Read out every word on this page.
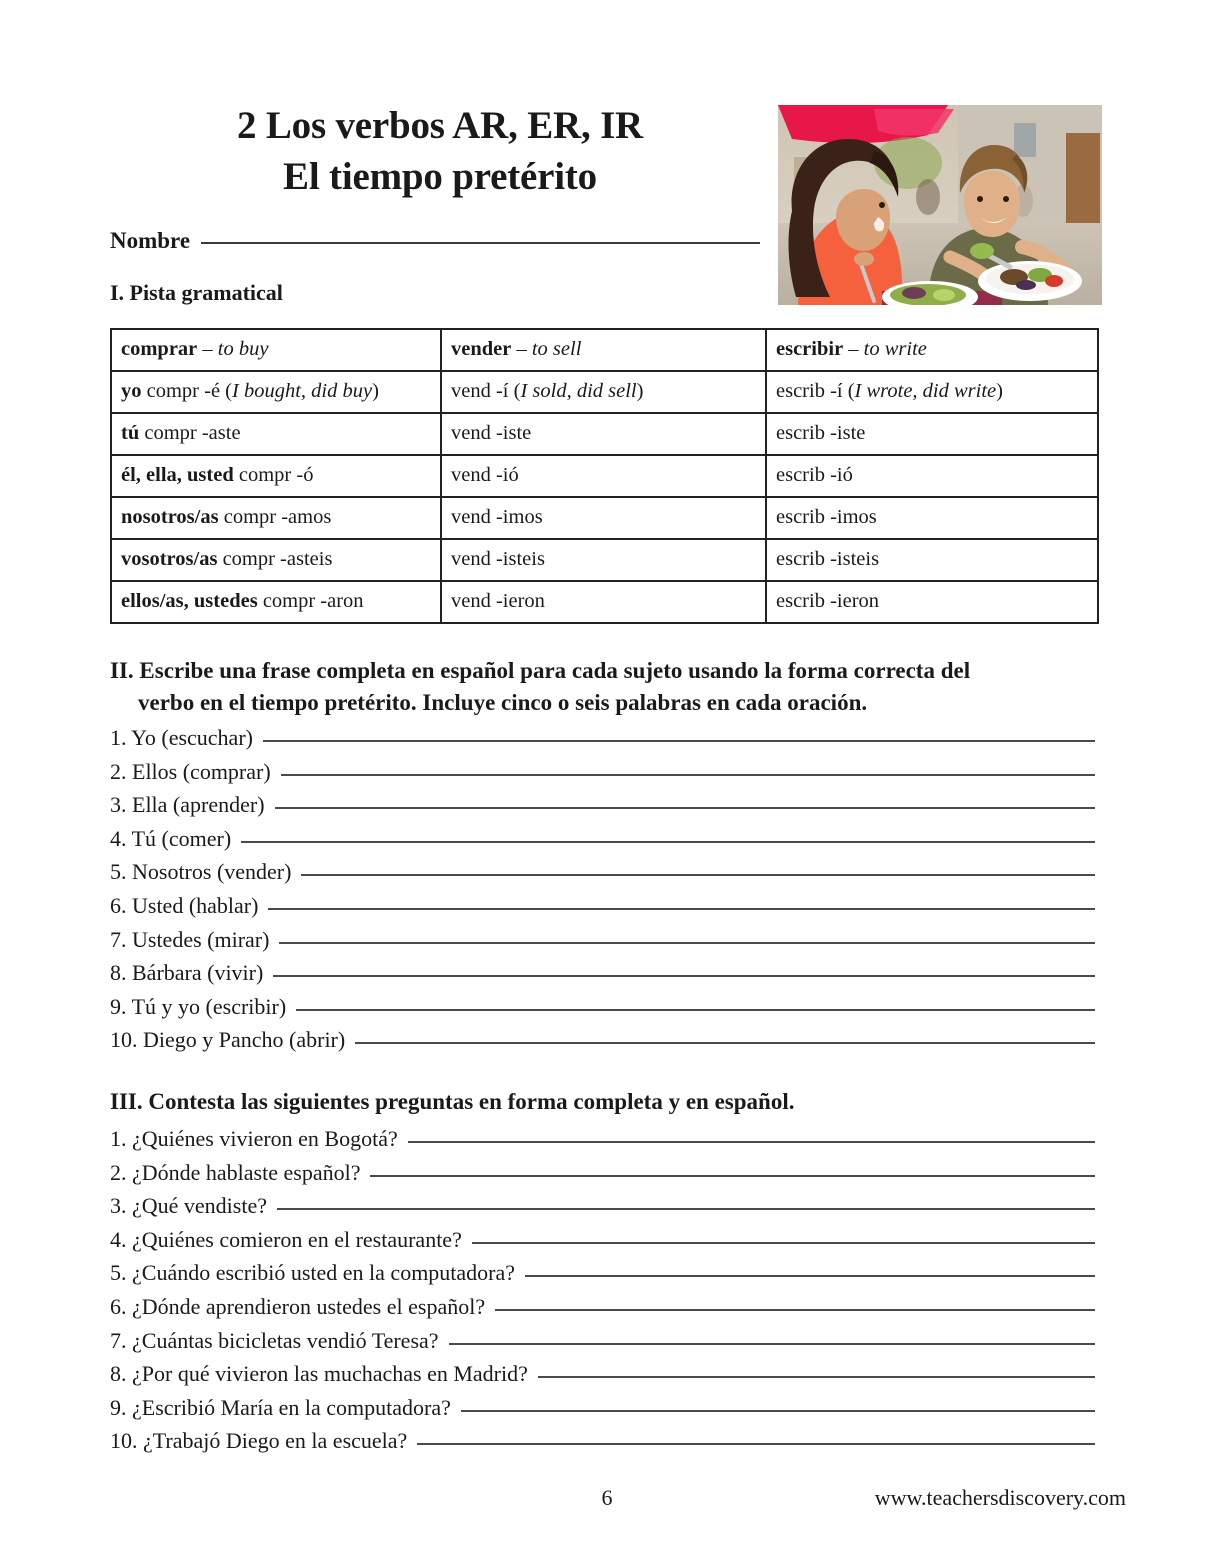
2 Los verbos AR, ER, IR
El tiempo pretérito
Nombre
I. Pista gramatical
comprar – to buy	vender – to sell	escribir – to write
yo compr -é (I bought, did buy)	vend -í (I sold, did sell)	escrib -í (I wrote, did write)
tú compr -aste	vend -iste	escrib -iste
él, ella, usted compr -ó	vend -ió	escrib -ió
nosotros/as compr -amos	vend -imos	escrib -imos
vosotros/as compr -asteis	vend -isteis	escrib -isteis
ellos/as, ustedes compr -aron	vend -ieron	escrib -ieron
II. Escribe una frase completa en español para cada sujeto usando la forma correcta del
verbo en el tiempo pretérito. Incluye cinco o seis palabras en cada oración.
1. Yo (escuchar)
2. Ellos (comprar)
3. Ella (aprender)
4. Tú (comer)
5. Nosotros (vender)
6. Usted (hablar)
7. Ustedes (mirar)
8. Bárbara (vivir)
9. Tú y yo (escribir)
10. Diego y Pancho (abrir)
III. Contesta las siguientes preguntas en forma completa y en español.
1. ¿Quiénes vivieron en Bogotá?
2. ¿Dónde hablaste español?
3. ¿Qué vendiste?
4. ¿Quiénes comieron en el restaurante?
5. ¿Cuándo escribió usted en la computadora?
6. ¿Dónde aprendieron ustedes el español?
7. ¿Cuántas bicicletas vendió Teresa?
8. ¿Por qué vivieron las muchachas en Madrid?
9. ¿Escribió María en la computadora?
10. ¿Trabajó Diego en la escuela?
6	www.teachersdiscovery.com
